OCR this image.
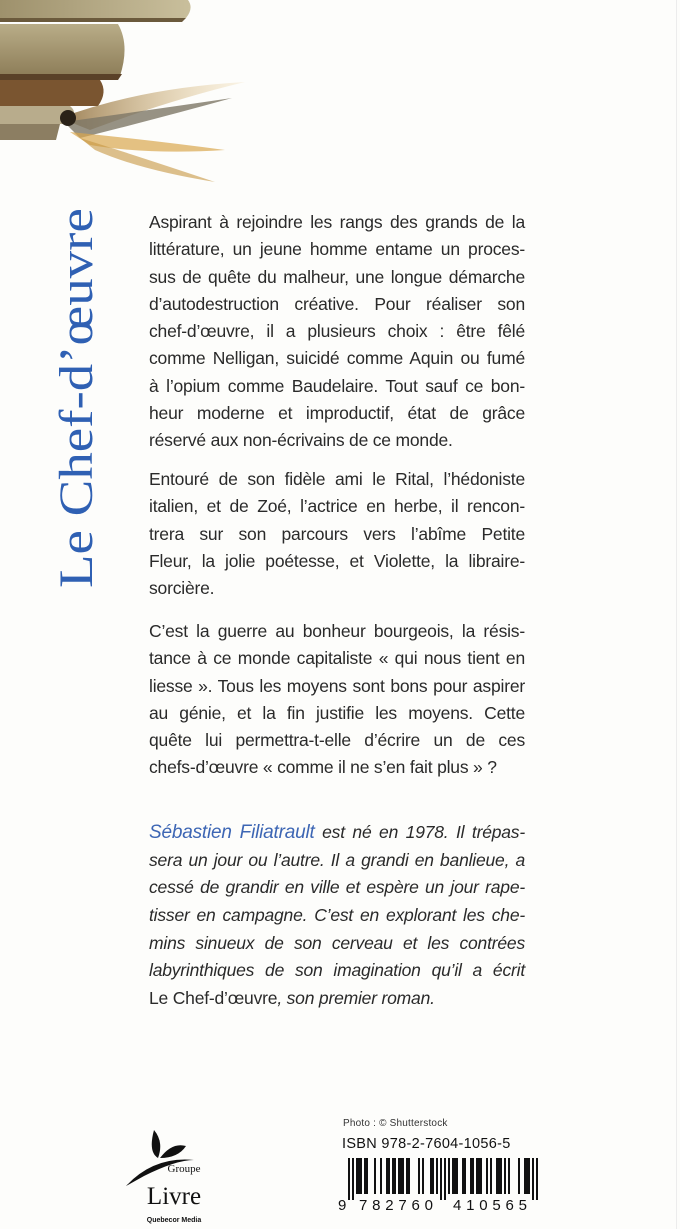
Le Chef-d’œuvre	Aspirant à rejoindre les rangs des grands de la
littérature, un jeune homme entame un proces-
sus de quête du malheur, une longue démarche
d’autodestruction créative. Pour réaliser son
chef-d’œuvre, il a plusieurs choix : être fêlé
comme Nelligan, suicidé comme Aquin ou fumé
à l’opium comme Baudelaire. Tout sauf ce bon-
heur moderne et improductif, état de grâce
réservé aux non-écrivains de ce monde.
Entouré de son fidèle ami le Rital, l’hédoniste
italien, et de Zoé, l’actrice en herbe, il rencon-
trera sur son parcours vers l’abîme Petite
Fleur, la jolie poétesse, et Violette, la libraire-
sorcière.
C’est la guerre au bonheur bourgeois, la résis-
tance à ce monde capitaliste « qui nous tient en
liesse ». Tous les moyens sont bons pour aspirer
au génie, et la fin justifie les moyens. Cette
quête lui permettra-t-elle d’écrire un de ces
chefs-d’œuvre « comme il ne s’en fait plus » ?
Sébastien Filiatrault est né en 1978. Il trépas-
sera un jour ou l’autre. Il a grandi en banlieue, a
cessé de grandir en ville et espère un jour rape-
tisser en campagne. C’est en explorant les che-
mins sinueux de son cerveau et les contrées
labyrinthiques de son imagination qu’il a écrit
Le Chef-d’œuvre, son premier roman.
Groupe
Livre
Quebecor Media
Photo : © Shutterstock
ISBN 978-2-7604-1056-5
9 782760 410565
